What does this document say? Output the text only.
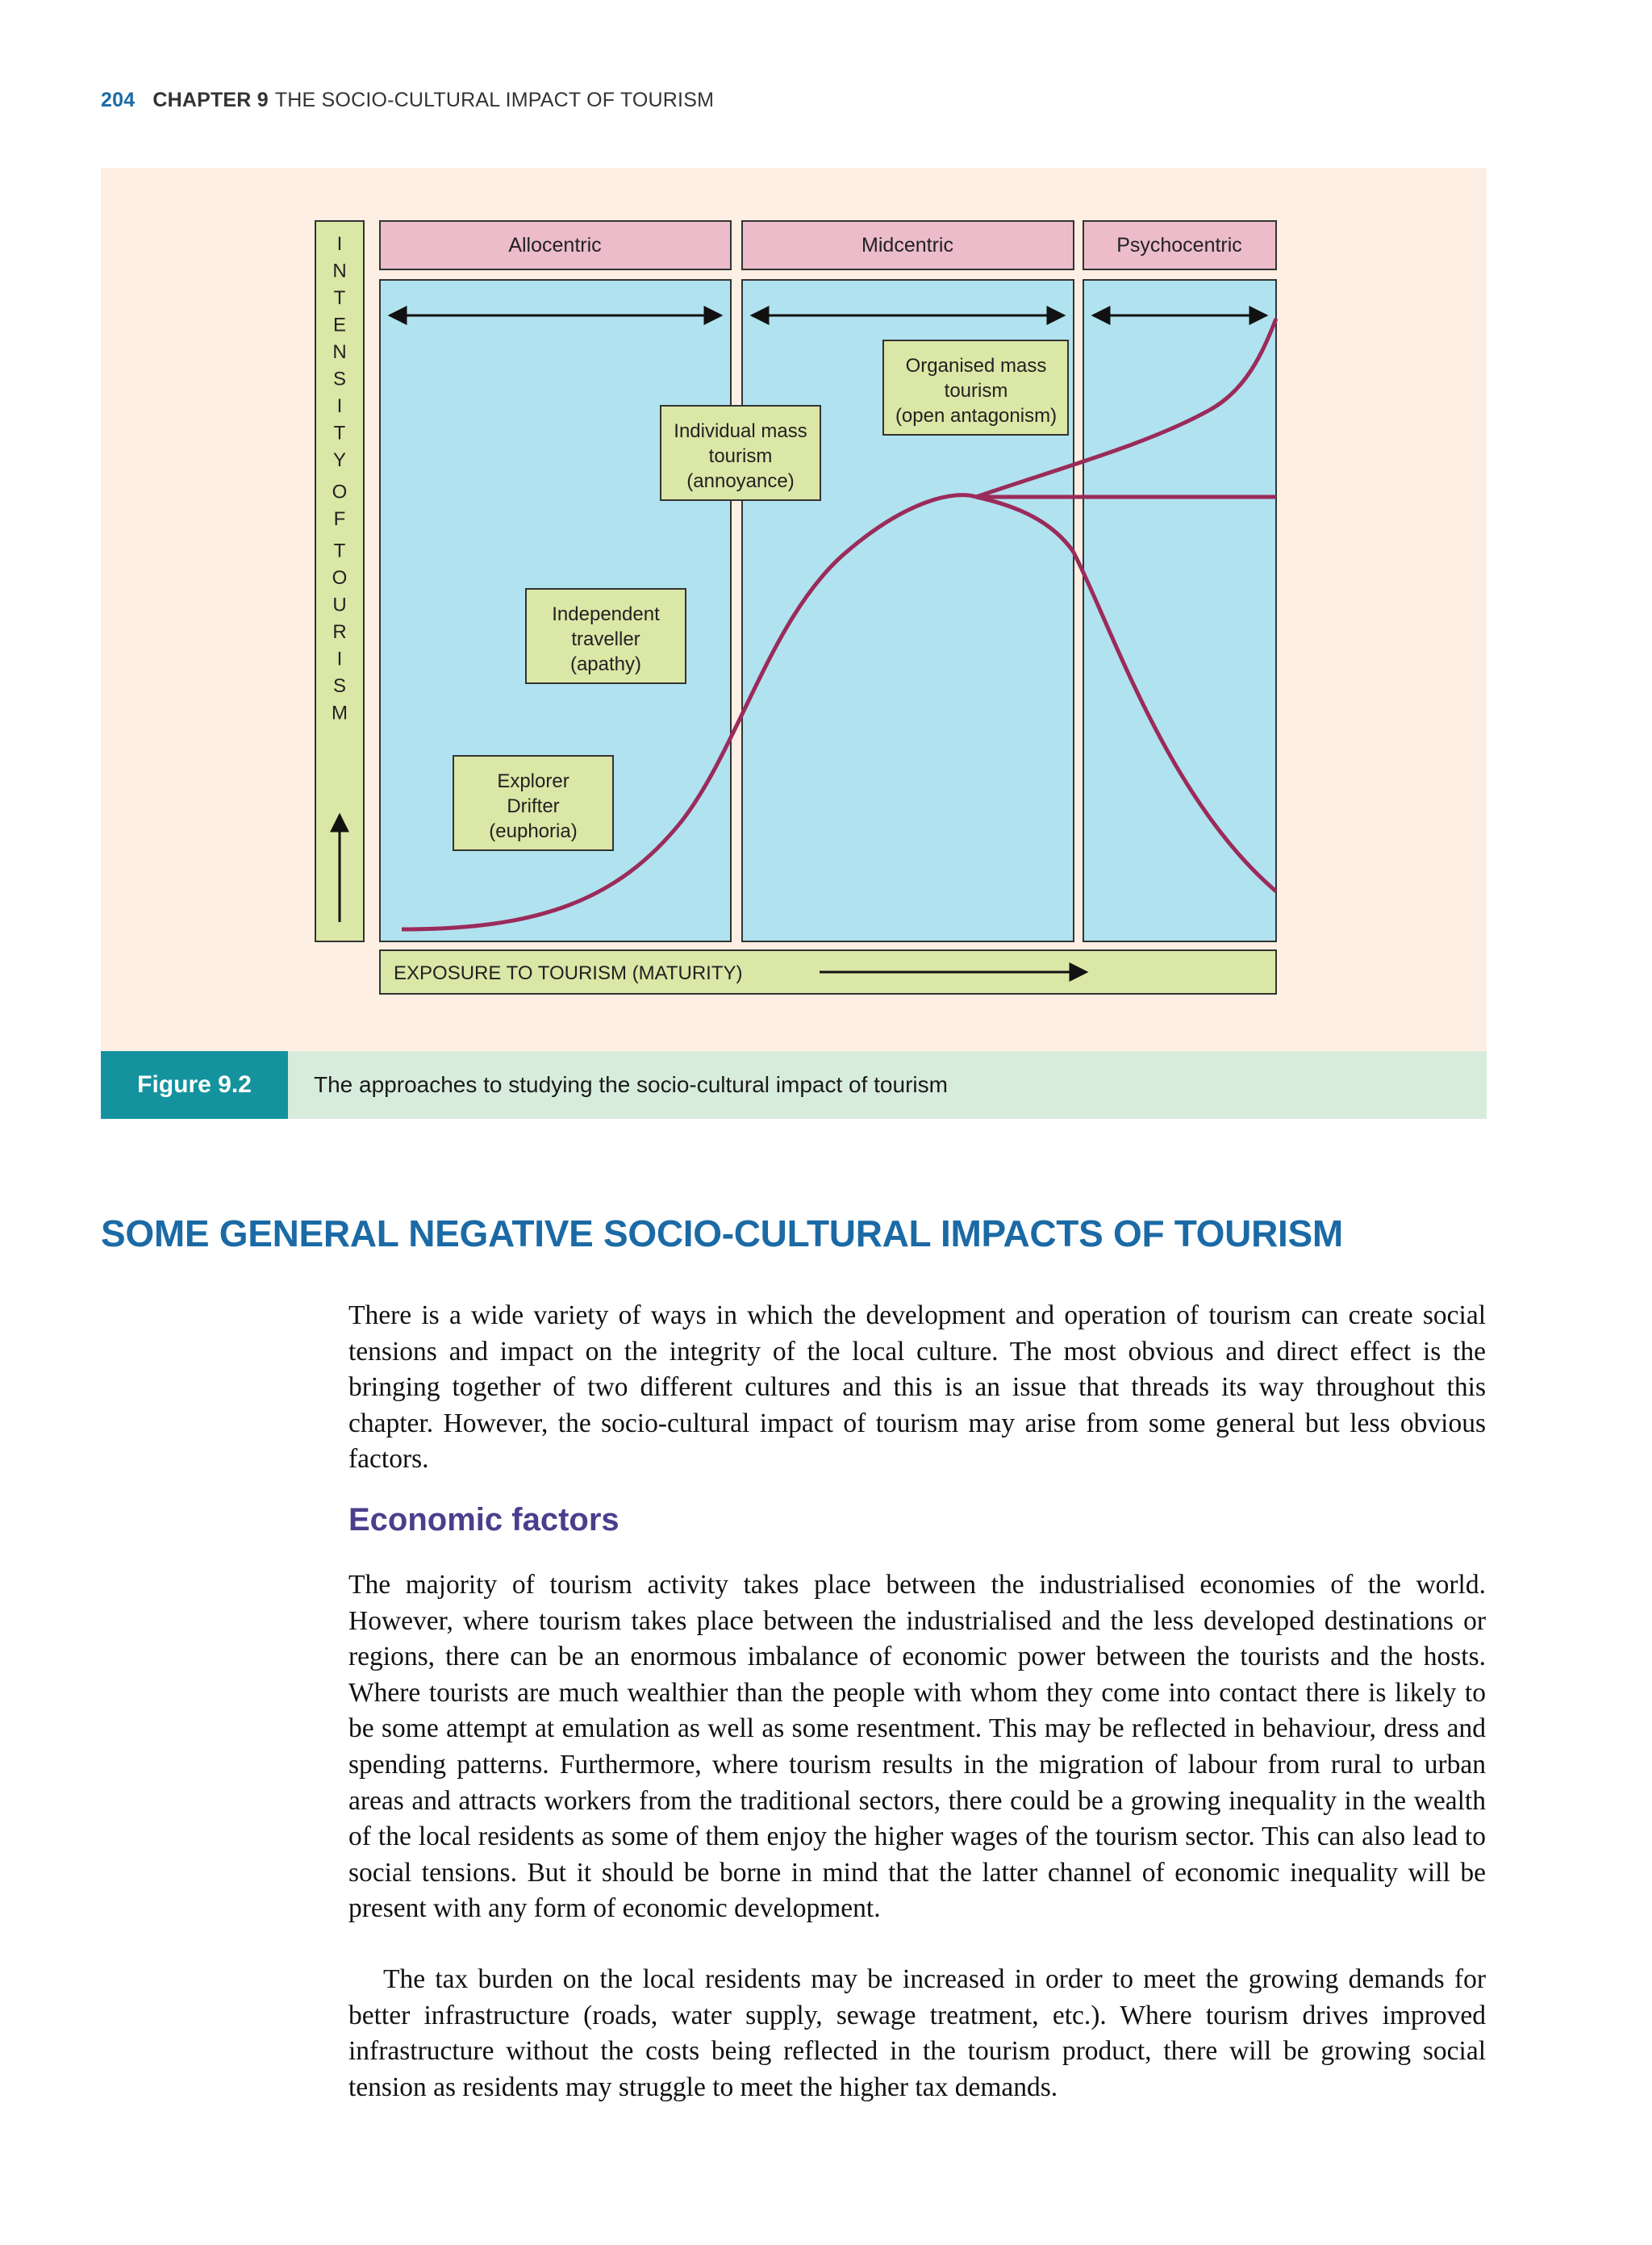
204 CHAPTER 9 THE SOCIO-CULTURAL IMPACT OF TOURISM
I
N
T
E
N
S
I
T
Y
O
F
T
O
U
R
I
S
M
Allocentric	Midcentric	Psychocentric
Explorer
Drifter
(euphoria)
Independent
traveller
(apathy)
Individual mass
tourism
(annoyance)
Organised mass
tourism
(open antagonism)
EXPOSURE TO TOURISM (MATURITY)
Figure 9.2	The approaches to studying the socio-cultural impact of tourism
SOME GENERAL NEGATIVE SOCIO-CULTURAL IMPACTS OF TOURISM

There is a wide variety of ways in which the development and operation of tourism can create social tensions and impact on the integrity of the local culture. The most obvious and direct effect is the bringing together of two different cultures and this is an issue that threads its way throughout this chapter. However, the socio-cultural impact of tourism may arise from some general but less obvious factors.

Economic factors

The majority of tourism activity takes place between the industrialised economies of the world. However, where tourism takes place between the industrialised and the less developed destinations or regions, there can be an enormous imbalance of economic power between the tourists and the hosts. Where tourists are much wealthier than the people with whom they come into contact there is likely to be some attempt at emulation as well as some resentment. This may be reflected in behaviour, dress and spending patterns. Furthermore, where tourism results in the migration of labour from rural to urban areas and attracts workers from the traditional sectors, there could be a growing inequality in the wealth of the local residents as some of them enjoy the higher wages of the tourism sector. This can also lead to social tensions. But it should be borne in mind that the latter channel of economic inequality will be present with any form of economic development.

The tax burden on the local residents may be increased in order to meet the growing demands for better infrastructure (roads, water supply, sewage treatment, etc.). Where tourism drives improved infrastructure without the costs being reflected in the tourism product, there will be growing social tension as residents may struggle to meet the higher tax demands.
